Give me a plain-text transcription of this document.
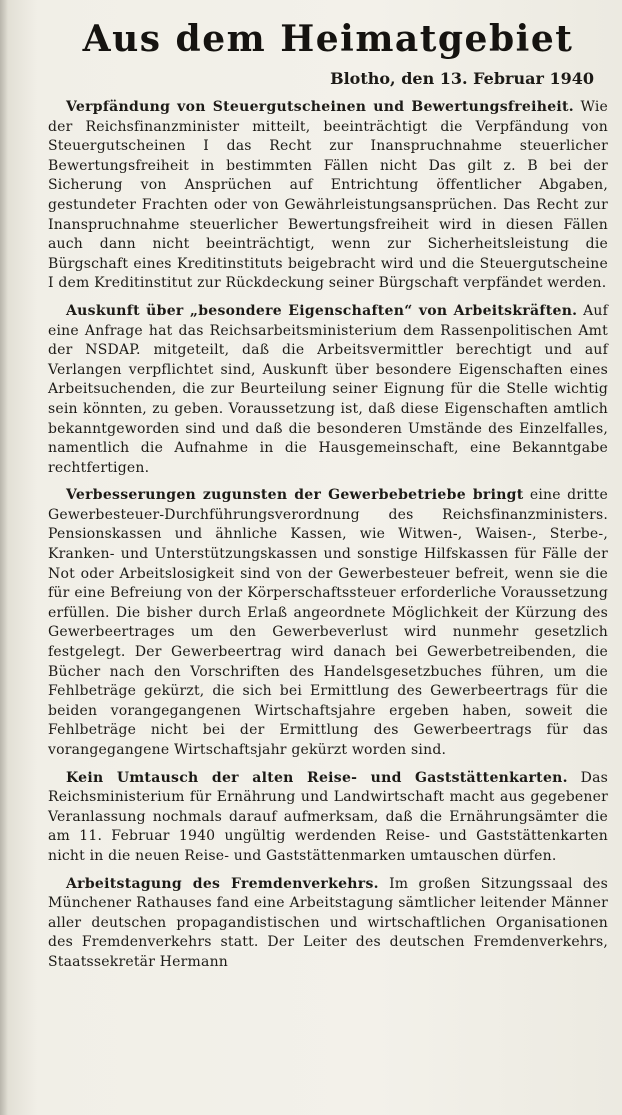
Aus dem Heimatgebiet
Blotho, den 13. Februar 1940

Verpfändung von Steuergutscheinen und Bewertungsfreiheit. Wie der Reichsfinanzminister mitteilt, beeinträchtigt die Verpfändung von Steuergutscheinen I das Recht zur Inanspruchnahme steuerlicher Bewertungsfreiheit in bestimmten Fällen nicht Das gilt z. B bei der Sicherung von Ansprüchen auf Entrichtung öffentlicher Abgaben, gestundeter Frachten oder von Gewährleistungsansprüchen. Das Recht zur Inanspruchnahme steuerlicher Bewertungsfreiheit wird in diesen Fällen auch dann nicht beeinträchtigt, wenn zur Sicherheitsleistung die Bürgschaft eines Kreditinstituts beigebracht wird und die Steuergutscheine I dem Kreditinstitut zur Rückdeckung seiner Bürgschaft verpfändet werden.

Auskunft über „besondere Eigenschaften“ von Arbeitskräften. Auf eine Anfrage hat das Reichsarbeitsministerium dem Rassenpolitischen Amt der NSDAP. mitgeteilt, daß die Arbeitsvermittler berechtigt und auf Verlangen verpflichtet sind, Auskunft über besondere Eigenschaften eines Arbeitsuchenden, die zur Beurteilung seiner Eignung für die Stelle wichtig sein könnten, zu geben. Voraussetzung ist, daß diese Eigenschaften amtlich bekanntgeworden sind und daß die besonderen Umstände des Einzelfalles, namentlich die Aufnahme in die Hausgemeinschaft, eine Bekanntgabe rechtfertigen.

Verbesserungen zugunsten der Gewerbebetriebe bringt eine dritte Gewerbesteuer-Durchführungsverordnung des Reichsfinanzministers. Pensionskassen und ähnliche Kassen, wie Witwen-, Waisen-, Sterbe-, Kranken- und Unterstützungskassen und sonstige Hilfskassen für Fälle der Not oder Arbeitslosigkeit sind von der Gewerbesteuer befreit, wenn sie die für eine Befreiung von der Körperschaftssteuer erforderliche Voraussetzung erfüllen. Die bisher durch Erlaß angeordnete Möglichkeit der Kürzung des Gewerbeertrages um den Gewerbeverlust wird nunmehr gesetzlich festgelegt. Der Gewerbeertrag wird danach bei Gewerbetreibenden, die Bücher nach den Vorschriften des Handelsgesetzbuches führen, um die Fehlbeträge gekürzt, die sich bei Ermittlung des Gewerbeertrags für die beiden vorangegangenen Wirtschaftsjahre ergeben haben, soweit die Fehlbeträge nicht bei der Ermittlung des Gewerbeertrags für das vorangegangene Wirtschaftsjahr gekürzt worden sind.

Kein Umtausch der alten Reise- und Gaststättenkarten. Das Reichsministerium für Ernährung und Landwirtschaft macht aus gegebener Veranlassung nochmals darauf aufmerksam, daß die Ernährungsämter die am 11. Februar 1940 ungültig werdenden Reise- und Gaststättenkarten nicht in die neuen Reise- und Gaststättenmarken umtauschen dürfen.

Arbeitstagung des Fremdenverkehrs. Im großen Sitzungssaal des Münchener Rathauses fand eine Arbeitstagung sämtlicher leitender Männer aller deutschen propagandistischen und wirtschaftlichen Organisationen des Fremdenverkehrs statt. Der Leiter des deutschen Fremdenverkehrs, Staatssekretär Hermann
